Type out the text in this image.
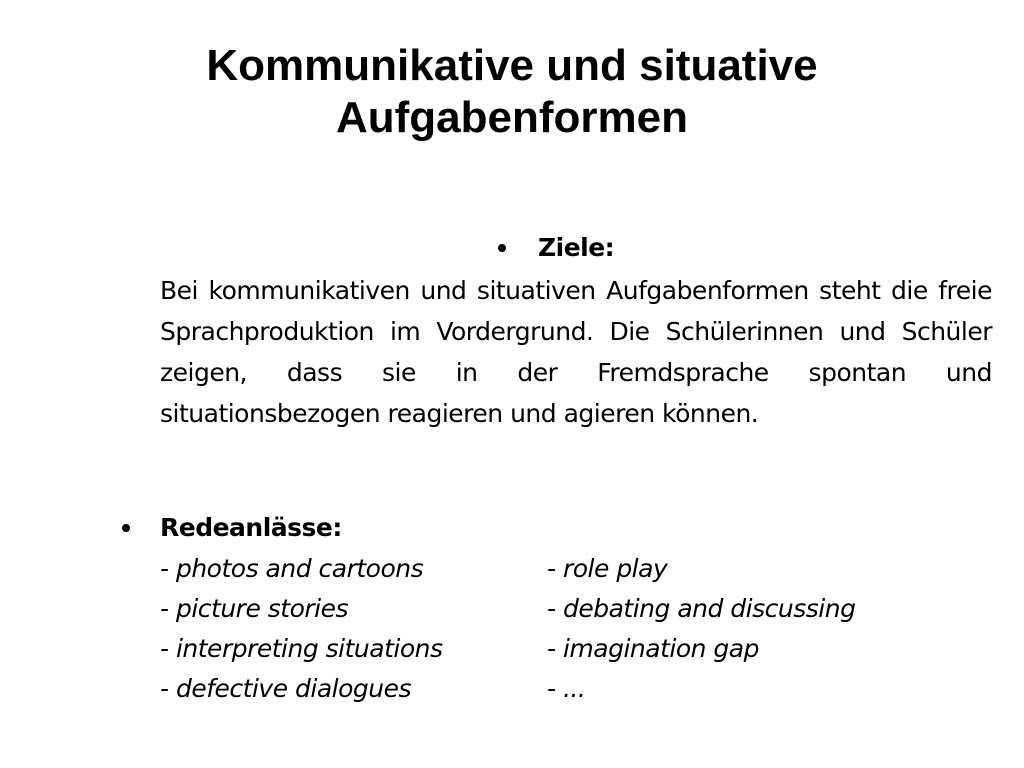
Kommunikative und situative
Aufgabenformen
Ziele:
Bei kommunikativen und situativen Aufgabenformen steht die freie Sprachproduktion im Vordergrund. Die Schülerinnen und Schüler zeigen, dass sie in der Fremdsprache spontan und situationsbezogen reagieren und agieren können.
Redeanlässe:
- photos and cartoons	- role play
- picture stories	- debating and discussing
- interpreting situations	- imagination gap
- defective dialogues	- ...
